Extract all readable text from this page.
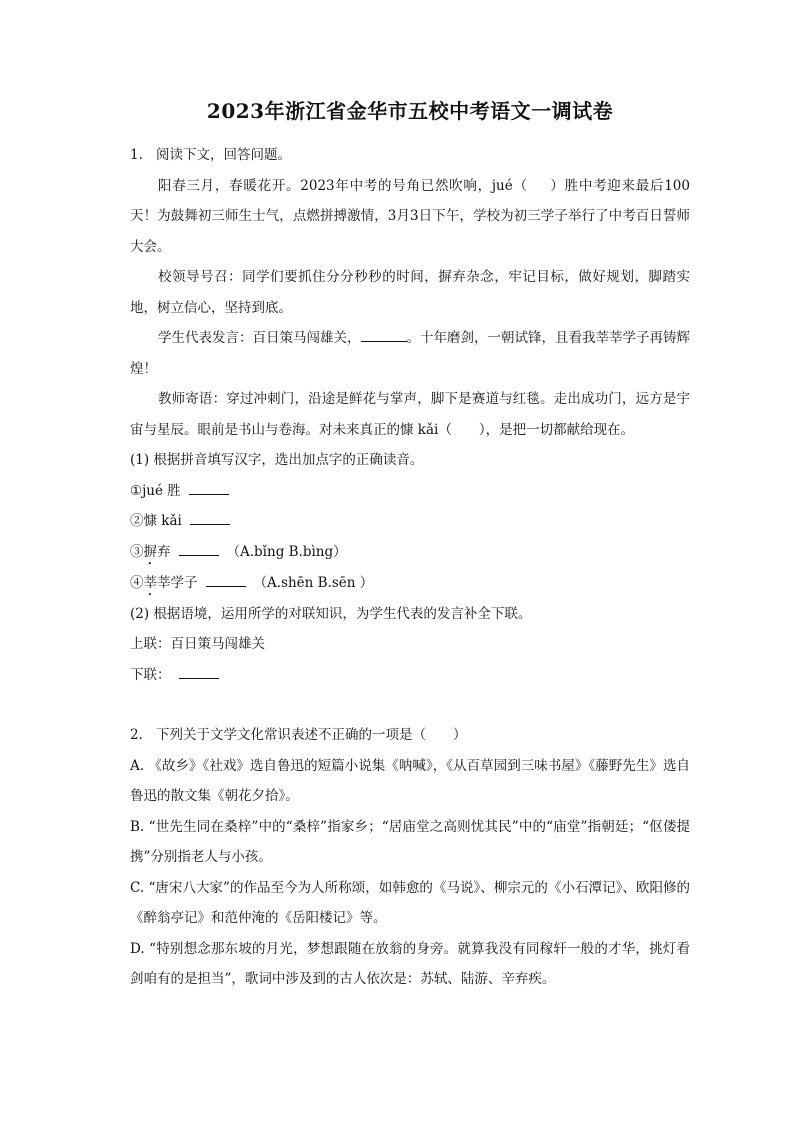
2023年浙江省金华市五校中考语文一调试卷
1. 阅读下文，回答问题。
阳春三月，春暖花开。2023年中考的号角已然吹响，jué（ ）胜中考迎来最后100天！为鼓舞初三师生士气，点燃拼搏激情，3月3日下午，学校为初三学子举行了中考百日誓师大会。
校领导号召：同学们要抓住分分秒秒的时间，摒弃杂念，牢记目标，做好规划，脚踏实地，树立信心，坚持到底。
学生代表发言：百日策马闯雄关，	。十年磨剑，一朝试锋，且看我莘莘学子再铸辉煌！
教师寄语：穿过冲刺门，沿途是鲜花与掌声，脚下是赛道与红毯。走出成功门，远方是宇宙与星辰。眼前是书山与卷海。对未来真正的慷 kǎi（　　），是把一切都献给现在。
(1) 根据拼音填写汉字，选出加点字的正确读音。
①jué 胜
②慷 kǎi
③摒弃	（A.bǐng B.bìng）
④莘莘学子	（A.shēn B.sēn ）
(2) 根据语境，运用所学的对联知识，为学生代表的发言补全下联。
上联：百日策马闯雄关
下联：
2. 下列关于文学文化常识表述不正确的一项是（　　）
A. 《故乡》《社戏》选自鲁迅的短篇小说集《呐喊》，《从百草园到三味书屋》《藤野先生》选自鲁迅的散文集《朝花夕拾》。
B. “世先生同在桑梓”中的“桑梓”指家乡；“居庙堂之高则忧其民”中的“庙堂”指朝廷；“伛偻提携”分别指老人与小孩。
C. “唐宋八大家”的作品至今为人所称颂，如韩愈的《马说》、柳宗元的《小石潭记》、欧阳修的《醉翁亭记》和范仲淹的《岳阳楼记》等。
D. “特别想念那东坡的月光，梦想跟随在放翁的身旁。就算我没有同稼轩一般的才华，挑灯看剑咱有的是担当”，歌词中涉及到的古人依次是：苏轼、陆游、辛弃疾。
